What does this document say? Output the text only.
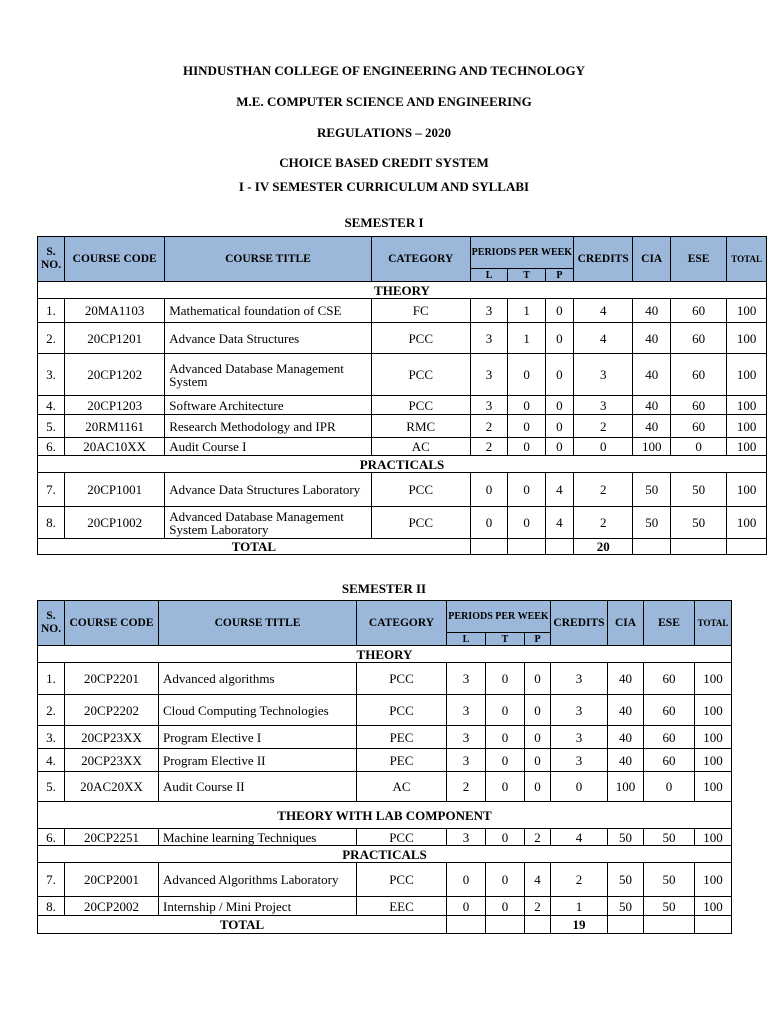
HINDUSTHAN COLLEGE OF ENGINEERING AND TECHNOLOGY
M.E. COMPUTER SCIENCE AND ENGINEERING
REGULATIONS – 2020
CHOICE BASED CREDIT SYSTEM
I - IV SEMESTER CURRICULUM AND SYLLABI
SEMESTER I
S. NO.	COURSE CODE	COURSE TITLE	CATEGORY	PERIODS PER WEEK			CREDITS	CIA	ESE	TOTAL
				L	T	P				
THEORY										
1.	20MA1103	Mathematical foundation of CSE	FC	3	1	0	4	40	60	100
2.	20CP1201	Advance Data Structures	PCC	3	1	0	4	40	60	100
3.	20CP1202	Advanced Database Management System	PCC	3	0	0	3	40	60	100
4.	20CP1203	Software Architecture	PCC	3	0	0	3	40	60	100
5.	20RM1161	Research Methodology and IPR	RMC	2	0	0	2	40	60	100
6.	20AC10XX	Audit Course I	AC	2	0	0	0	100	0	100
PRACTICALS										
7.	20CP1001	Advance Data Structures Laboratory	PCC	0	0	4	2	50	50	100
8.	20CP1002	Advanced Database Management System Laboratory	PCC	0	0	4	2	50	50	100
TOTAL							20			
SEMESTER II
S. NO.	COURSE CODE	COURSE TITLE	CATEGORY	PERIODS PER WEEK			CREDITS	CIA	ESE	TOTAL
				L	T	P				
THEORY										
1.	20CP2201	Advanced algorithms	PCC	3	0	0	3	40	60	100
2.	20CP2202	Cloud Computing Technologies	PCC	3	0	0	3	40	60	100
3.	20CP23XX	Program Elective I	PEC	3	0	0	3	40	60	100
4.	20CP23XX	Program Elective II	PEC	3	0	0	3	40	60	100
5.	20AC20XX	Audit Course II	AC	2	0	0	0	100	0	100
THEORY WITH LAB COMPONENT										
6.	20CP2251	Machine learning Techniques	PCC	3	0	2	4	50	50	100
PRACTICALS										
7.	20CP2001	Advanced Algorithms Laboratory	PCC	0	0	4	2	50	50	100
8.	20CP2002	Internship / Mini Project	EEC	0	0	2	1	50	50	100
TOTAL							19			
